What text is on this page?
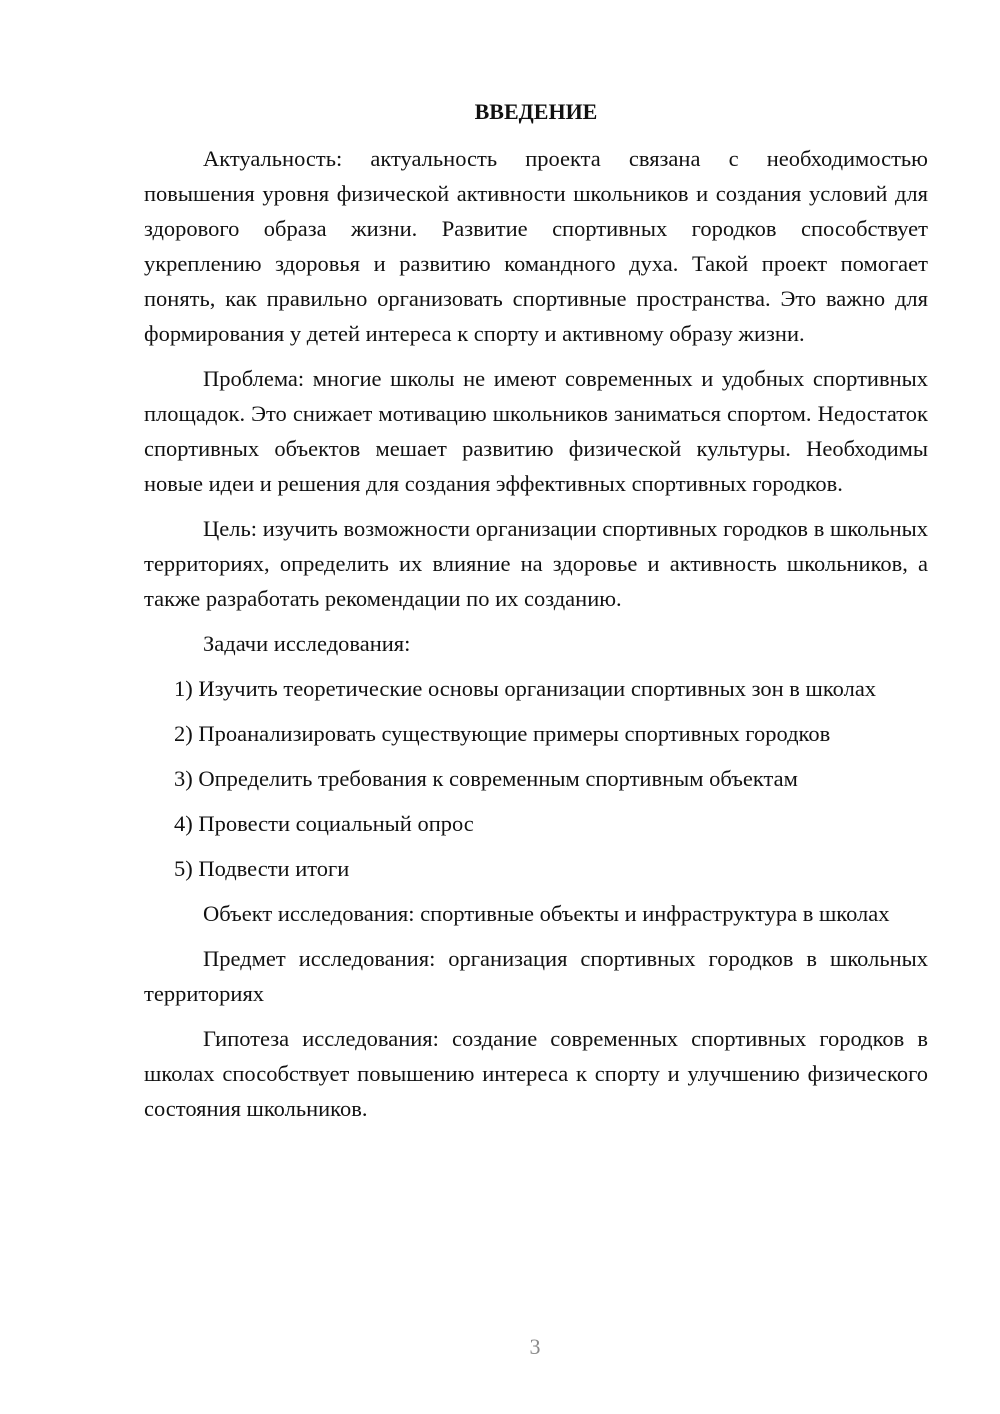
ВВЕДЕНИЕ

Актуальность: актуальность проекта связана с необходимостью повышения уровня физической активности школьников и создания условий для здорового образа жизни. Развитие спортивных городков способствует укреплению здоровья и развитию командного духа. Такой проект помогает понять, как правильно организовать спортивные пространства. Это важно для формирования у детей интереса к спорту и активному образу жизни.

Проблема: многие школы не имеют современных и удобных спортивных площадок. Это снижает мотивацию школьников заниматься спортом. Недостаток спортивных объектов мешает развитию физической культуры. Необходимы новые идеи и решения для создания эффективных спортивных городков.

Цель: изучить возможности организации спортивных городков в школьных территориях, определить их влияние на здоровье и активность школьников, а также разработать рекомендации по их созданию.

Задачи исследования:

1) Изучить теоретические основы организации спортивных зон в школах

2) Проанализировать существующие примеры спортивных городков

3) Определить требования к современным спортивным объектам

4) Провести социальный опрос

5) Подвести итоги

Объект исследования: спортивные объекты и инфраструктура в школах

Предмет исследования: организация спортивных городков в школьных территориях

Гипотеза исследования: создание современных спортивных городков в школах способствует повышению интереса к спорту и улучшению физического состояния школьников.

3
